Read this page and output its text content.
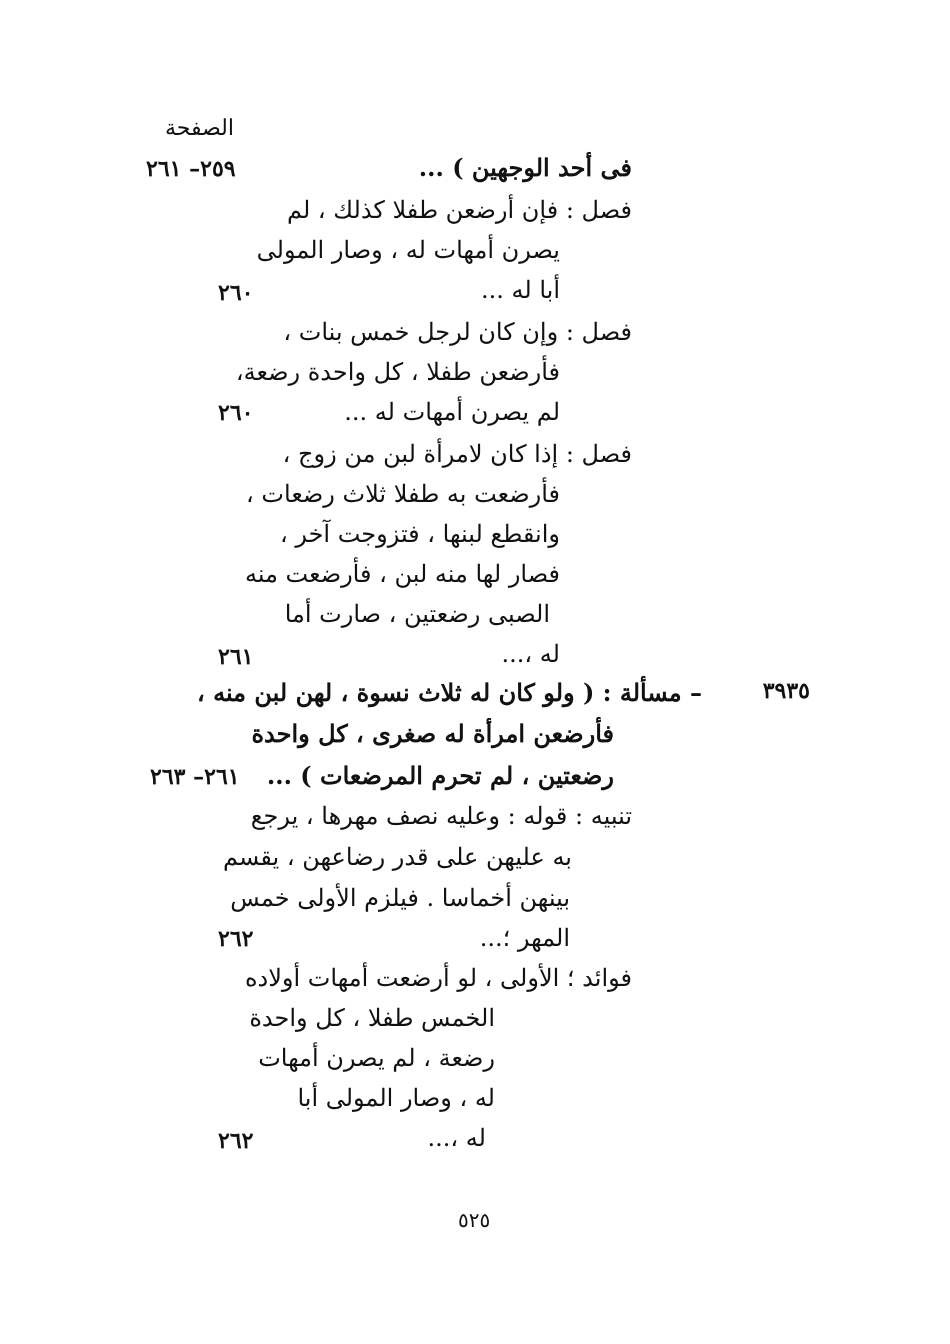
الصفحة
فى أحد الوجهين ) ...
٢٥٩– ٢٦١
فصل : فإن أرضعن طفلا كذلك ، لم
يصرن أمهات له ، وصار المولى
أبا له ...
٢٦٠
فصل : وإن كان لرجل خمس بنات ،
فأرضعن طفلا ، كل واحدة رضعة،
لم يصرن أمهات له ...
٢٦٠
فصل : إذا كان لامرأة لبن من زوج ،
فأرضعت به طفلا ثلاث رضعات ،
وانقطع لبنها ، فتزوجت آخر ،
فصار لها منه لبن ، فأرضعت منه
الصبى رضعتين ، صارت أما
له ،...
٢٦١
٣٩٣٥
– مسألة : ( ولو كان له ثلاث نسوة ، لهن لبن منه ،
فأرضعن امرأة له صغرى ، كل واحدة
رضعتين ، لم تحرم المرضعات ) ...
٢٦١– ٢٦٣
تنبيه : قوله : وعليه نصف مهرها ، يرجع
به عليهن على قدر رضاعهن ، يقسم
بينهن أخماسا . فيلزم الأولى خمس
المهر ؛...
٢٦٢
فوائد ؛ الأولى ، لو أرضعت أمهات أولاده
الخمس طفلا ، كل واحدة
رضعة ، لم يصرن أمهات
له ، وصار المولى أبا
له ،...
٢٦٢
٥٢٥
